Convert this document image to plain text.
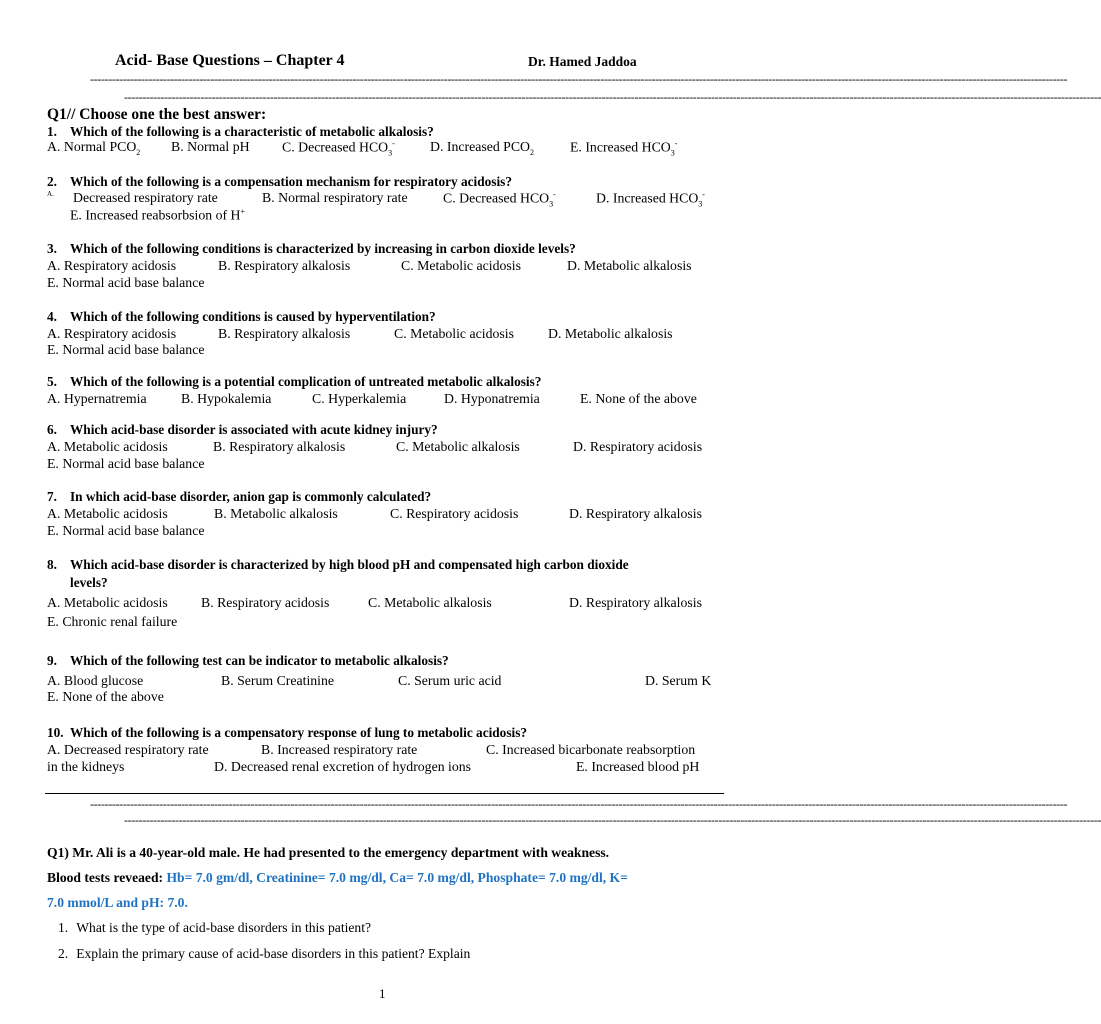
Acid- Base Questions – Chapter 4	Dr. Hamed Jaddoa
----------------------------------------------------------------------------------------------------------------------------------------------------------------------------------------------------------------------------------------------------------------------------
----------------------------------------------------------------------------------------------------------------------------------------------------------------------------------------------------------------------------------------------------------------------------
Q1// Choose one the best answer:
1. Which of the following is a characteristic of metabolic alkalosis?
A. Normal $PCO_2$ B. Normal pH C. Decreased $HCO_3^-$	D. Increased $PCO_2$	E. Increased $HCO_3^-$
2. Which of the following is a compensation mechanism for respiratory acidosis?
A. Decreased respiratory rate	B. Normal respiratory rate	C. Decreased $HCO_3^-$	D. Increased $HCO_3^-$
E. Increased reabsorbsion of H+
3. Which of the following conditions is characterized by increasing in carbon dioxide levels?
A. Respiratory acidosis	B. Respiratory alkalosis	C. Metabolic acidosis	D. Metabolic alkalosis
E. Normal acid base balance
4. Which of the following conditions is caused by hyperventilation?
A. Respiratory acidosis	B. Respiratory alkalosis	C. Metabolic acidosis D. Metabolic alkalosis
E. Normal acid base balance
5. Which of the following is a potential complication of untreated metabolic alkalosis?
A. Hypernatremia B. Hypokalemia	C. Hyperkalemia	D. Hyponatremia	E. None of the above
6. Which acid-base disorder is associated with acute kidney injury?
A. Metabolic acidosis	B. Respiratory alkalosis	C. Metabolic alkalosis	D. Respiratory acidosis
E. Normal acid base balance
7. In which acid-base disorder, anion gap is commonly calculated?
A. Metabolic acidosis	B. Metabolic alkalosis	C. Respiratory acidosis	D. Respiratory alkalosis
E. Normal acid base balance
8. Which acid-base disorder is characterized by high blood pH and compensated high carbon dioxide
levels?
A. Metabolic acidosis B. Respiratory acidosis	C. Metabolic alkalosis	D. Respiratory alkalosis
E. Chronic renal failure
9. Which of the following test can be indicator to metabolic alkalosis?
A. Blood glucose	B. Serum Creatinine	C. Serum uric acid	D. Serum K
E. None of the above
10. Which of the following is a compensatory response of lung to metabolic acidosis?
A. Decreased respiratory rate	B. Increased respiratory rate	C. Increased bicarbonate reabsorption
in the kidneys	D. Decreased renal excretion of hydrogen ions	E. Increased blood pH
----------------------------------------------------------------------------------------------------------------------------------------------------------------------------------------------------------------------------------------------------------------------------
----------------------------------------------------------------------------------------------------------------------------------------------------------------------------------------------------------------------------------------------------------------------------
Q1) Mr. Ali is a 40-year-old male. He had presented to the emergency department with weakness.
Blood tests reveaed: Hb= 7.0 gm/dl, Creatinine= 7.0 mg/dl, Ca= 7.0 mg/dl, Phosphate= 7.0 mg/dl, K=
7.0 mmol/L and pH: 7.0.
1. What is the type of acid-base disorders in this patient?
2. Explain the primary cause of acid-base disorders in this patient? Explain
1
